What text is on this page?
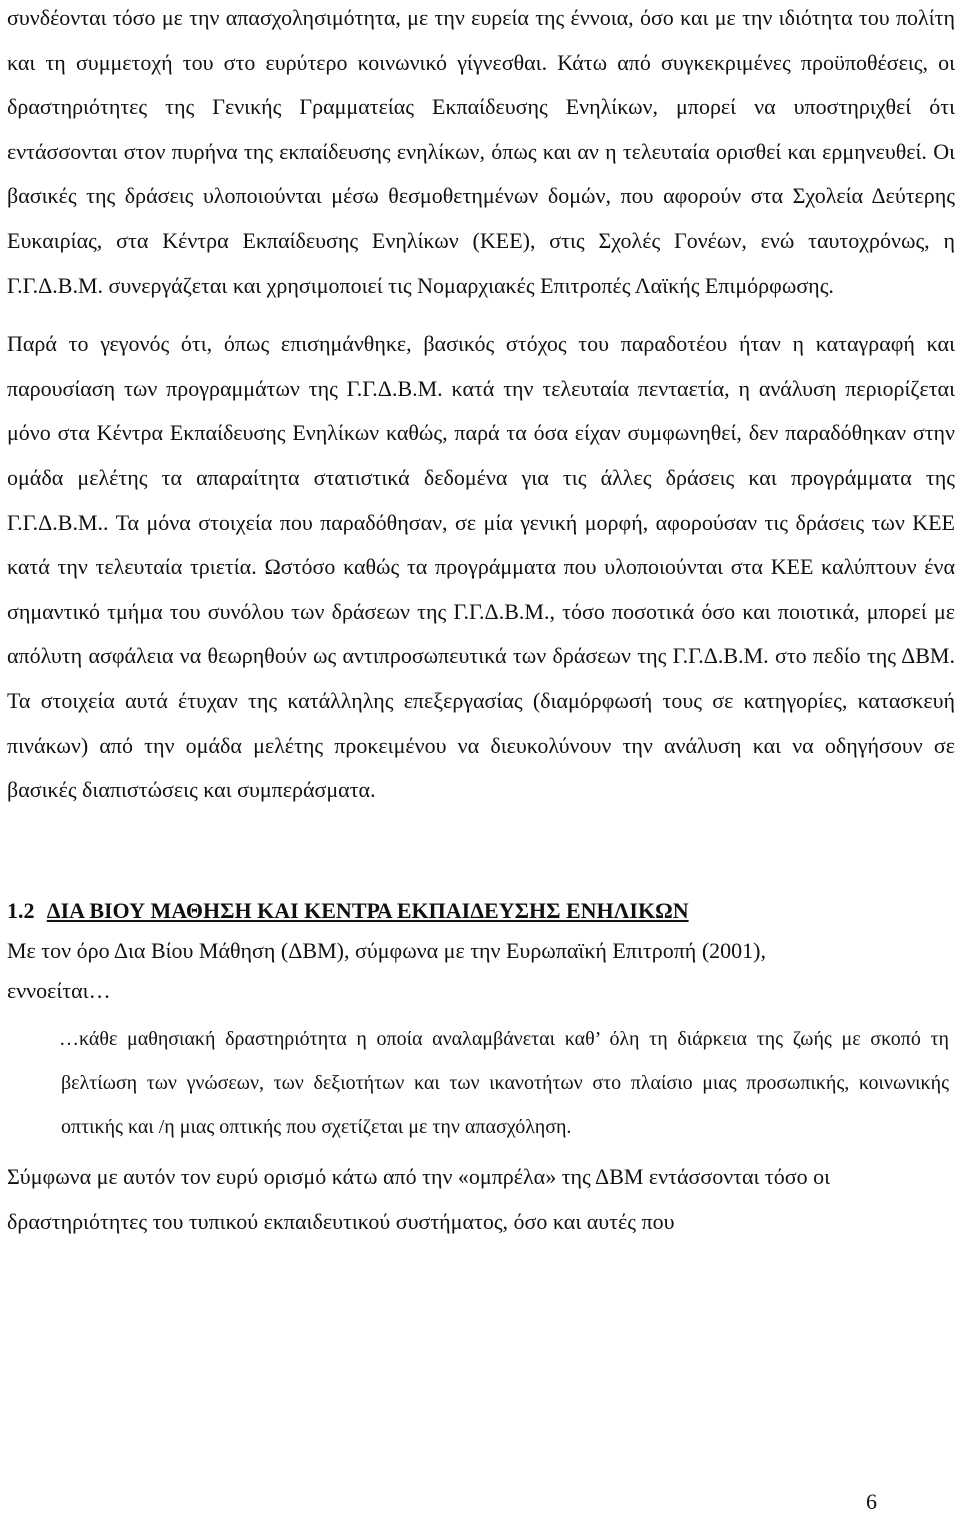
συνδέονται τόσο με την απασχολησιμότητα, με την ευρεία της έννοια, όσο και με την ιδιότητα του πολίτη και τη συμμετοχή του στο ευρύτερο κοινωνικό γίγνεσθαι. Κάτω από συγκεκριμένες προϋποθέσεις, οι δραστηριότητες της Γενικής Γραμματείας Εκπαίδευσης Ενηλίκων, μπορεί να υποστηριχθεί ότι εντάσσονται στον πυρήνα της εκπαίδευσης ενηλίκων, όπως και αν η τελευταία ορισθεί και ερμηνευθεί. Οι βασικές της δράσεις υλοποιούνται μέσω θεσμοθετημένων δομών, που αφορούν στα Σχολεία Δεύτερης Ευκαιρίας, στα Κέντρα Εκπαίδευσης Ενηλίκων (ΚΕΕ), στις Σχολές Γονέων, ενώ ταυτοχρόνως, η Γ.Γ.Δ.Β.Μ. συνεργάζεται και χρησιμοποιεί τις Νομαρχιακές Επιτροπές Λαϊκής Επιμόρφωσης.

Παρά το γεγονός ότι, όπως επισημάνθηκε, βασικός στόχος του παραδοτέου ήταν η καταγραφή και παρουσίαση των προγραμμάτων της Γ.Γ.Δ.Β.Μ. κατά την τελευταία πενταετία, η ανάλυση περιορίζεται μόνο στα Κέντρα Εκπαίδευσης Ενηλίκων καθώς, παρά τα όσα είχαν συμφωνηθεί, δεν παραδόθηκαν στην ομάδα μελέτης τα απαραίτητα στατιστικά δεδομένα για τις άλλες δράσεις και προγράμματα της Γ.Γ.Δ.Β.Μ.. Τα μόνα στοιχεία που παραδόθησαν, σε μία γενική μορφή, αφορούσαν τις δράσεις των ΚΕΕ κατά την τελευταία τριετία. Ωστόσο καθώς τα προγράμματα που υλοποιούνται στα ΚΕΕ καλύπτουν ένα σημαντικό τμήμα του συνόλου των δράσεων της Γ.Γ.Δ.Β.Μ., τόσο ποσοτικά όσο και ποιοτικά, μπορεί με απόλυτη ασφάλεια να θεωρηθούν ως αντιπροσωπευτικά των δράσεων της Γ.Γ.Δ.Β.Μ. στο πεδίο της ΔΒΜ. Τα στοιχεία αυτά έτυχαν της κατάλληλης επεξεργασίας (διαμόρφωσή τους σε κατηγορίες, κατασκευή πινάκων) από την ομάδα μελέτης προκειμένου να διευκολύνουν την ανάλυση και να οδηγήσουν σε βασικές διαπιστώσεις και συμπεράσματα.

1.2 ΔΙΑ ΒΙΟΥ ΜΑΘΗΣΗ ΚΑΙ ΚΕΝΤΡΑ ΕΚΠΑΙΔΕΥΣΗΣ ΕΝΗΛΙΚΩΝ
Με τον όρο Δια Βίου Μάθηση (ΔΒΜ), σύμφωνα με την Ευρωπαϊκή Επιτροπή (2001),
εννοείται…

…κάθε μαθησιακή δραστηριότητα η οποία αναλαμβάνεται καθ’ όλη τη διάρκεια της ζωής με σκοπό τη βελτίωση των γνώσεων, των δεξιοτήτων και των ικανοτήτων στο πλαίσιο μιας προσωπικής, κοινωνικής οπτικής και /η μιας οπτικής που σχετίζεται με την απασχόληση.

Σύμφωνα με αυτόν τον ευρύ ορισμό κάτω από την «ομπρέλα» της ΔΒΜ εντάσσονται τόσο οι δραστηριότητες του τυπικού εκπαιδευτικού συστήματος, όσο και αυτές που

6
